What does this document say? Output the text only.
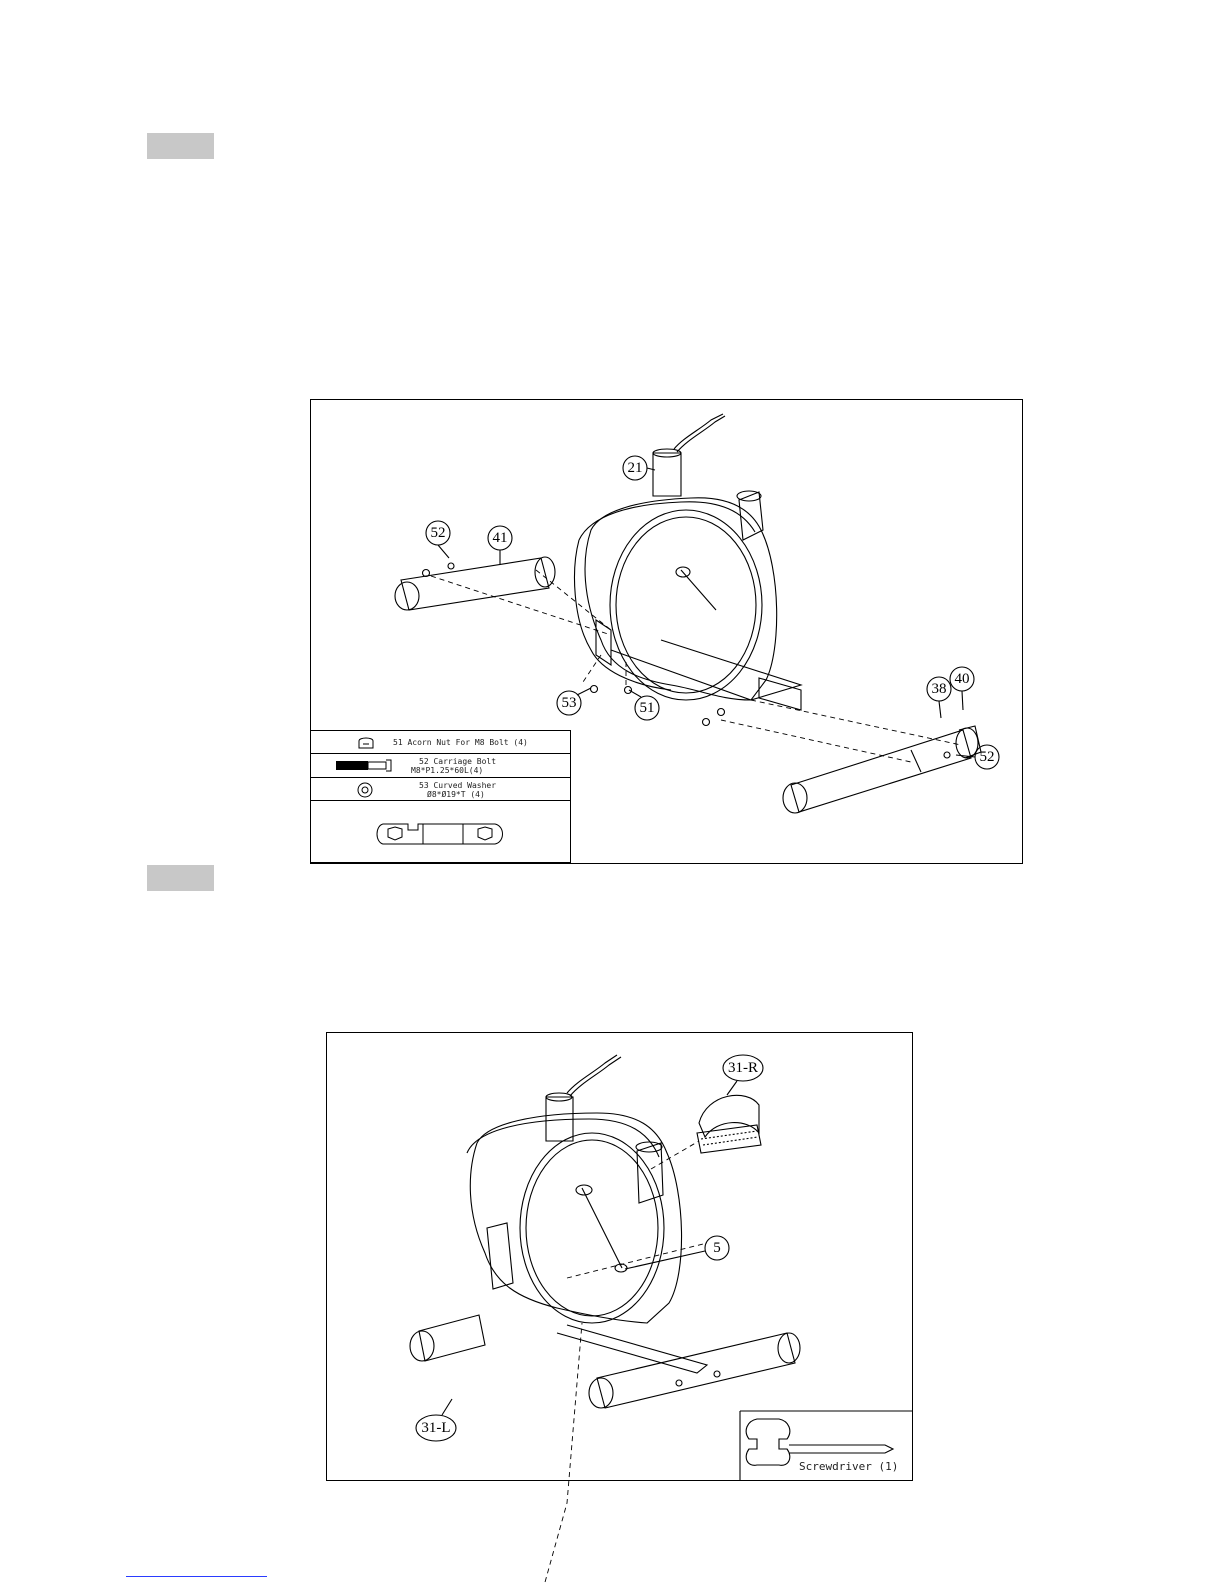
21
52	41
53	51
38
40
52
51 Acorn Nut For M8 Bolt (4)
52 Carriage Bolt
M8*P1.25*60L(4)
53 Curved Washer
Ø8*Ø19*T (4)
31-R
5
31-L
Screwdriver (1)
